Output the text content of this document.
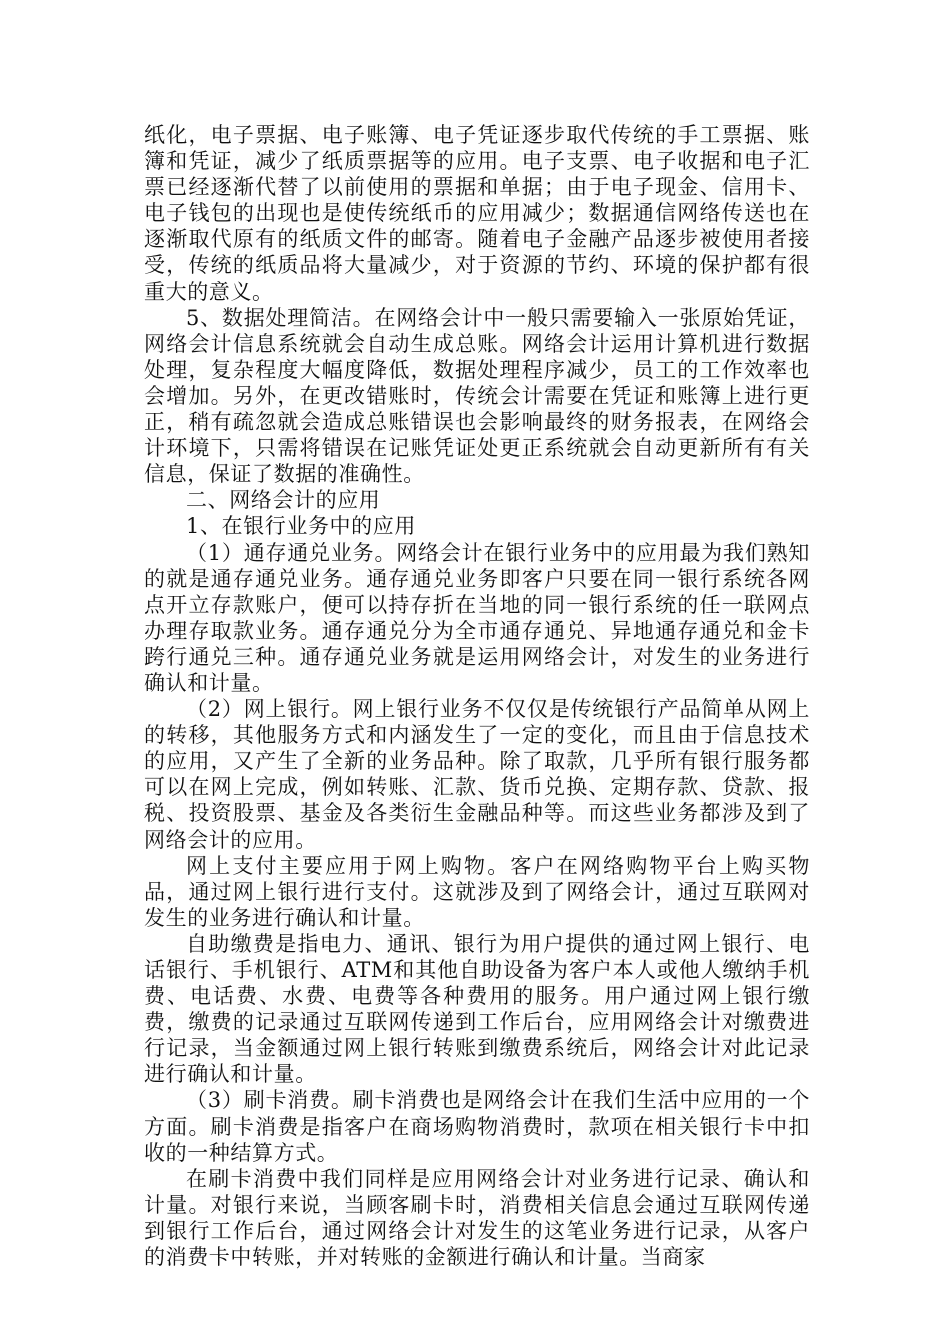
纸化，电子票据、电子账簿、电子凭证逐步取代传统的手工票据、账簿和凭证，减少了纸质票据等的应用。电子支票、电子收据和电子汇票已经逐渐代替了以前使用的票据和单据；由于电子现金、信用卡、电子钱包的出现也是使传统纸币的应用减少；数据通信网络传送也在逐渐取代原有的纸质文件的邮寄。随着电子金融产品逐步被使用者接受，传统的纸质品将大量减少，对于资源的节约、环境的保护都有很重大的意义。

5、数据处理简洁。在网络会计中一般只需要输入一张原始凭证，网络会计信息系统就会自动生成总账。网络会计运用计算机进行数据处理，复杂程度大幅度降低，数据处理程序减少，员工的工作效率也会增加。另外，在更改错账时，传统会计需要在凭证和账簿上进行更正，稍有疏忽就会造成总账错误也会影响最终的财务报表，在网络会计环境下，只需将错误在记账凭证处更正系统就会自动更新所有有关信息，保证了数据的准确性。

二、网络会计的应用
1、在银行业务中的应用

（1）通存通兑业务。网络会计在银行业务中的应用最为我们熟知的就是通存通兑业务。通存通兑业务即客户只要在同一银行系统各网点开立存款账户，便可以持存折在当地的同一银行系统的任一联网点办理存取款业务。通存通兑分为全市通存通兑、异地通存通兑和金卡跨行通兑三种。通存通兑业务就是运用网络会计，对发生的业务进行确认和计量。

（2）网上银行。网上银行业务不仅仅是传统银行产品简单从网上的转移，其他服务方式和内涵发生了一定的变化，而且由于信息技术的应用，又产生了全新的业务品种。除了取款，几乎所有银行服务都可以在网上完成，例如转账、汇款、货币兑换、定期存款、贷款、报税、投资股票、基金及各类衍生金融品种等。而这些业务都涉及到了网络会计的应用。

网上支付主要应用于网上购物。客户在网络购物平台上购买物品，通过网上银行进行支付。这就涉及到了网络会计，通过互联网对发生的业务进行确认和计量。

自助缴费是指电力、通讯、银行为用户提供的通过网上银行、电话银行、手机银行、ATM和其他自助设备为客户本人或他人缴纳手机费、电话费、水费、电费等各种费用的服务。用户通过网上银行缴费，缴费的记录通过互联网传递到工作后台，应用网络会计对缴费进行记录，当金额通过网上银行转账到缴费系统后，网络会计对此记录进行确认和计量。

（3）刷卡消费。刷卡消费也是网络会计在我们生活中应用的一个方面。刷卡消费是指客户在商场购物消费时，款项在相关银行卡中扣收的一种结算方式。

在刷卡消费中我们同样是应用网络会计对业务进行记录、确认和计量。对银行来说，当顾客刷卡时，消费相关信息会通过互联网传递到银行工作后台，通过网络会计对发生的这笔业务进行记录，从客户的消费卡中转账，并对转账的金额进行确认和计量。当商家
